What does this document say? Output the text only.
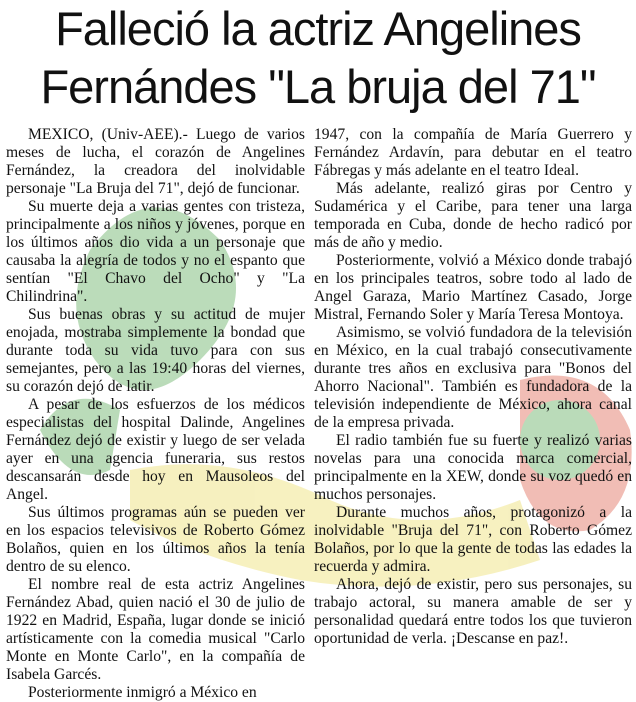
Falleció la actriz Angelines
Fernándes "La bruja del 71"

MEXICO, (Univ-AEE).- Luego de varios meses de lucha, el corazón de Angelines Fernández, la creadora del inolvidable personaje "La Bruja del 71", dejó de funcionar.

Su muerte deja a varias gentes con tristeza, principalmente a los niños y jóvenes, porque en los últimos años dio vida a un personaje que causaba la alegría de todos y no el espanto que sentían "El Chavo del Ocho" y "La Chilindrina".

Sus buenas obras y su actitud de mujer enojada, mostraba simplemente la bondad que durante toda su vida tuvo para con sus semejantes, pero a las 19:40 horas del viernes, su corazón dejó de latir.

A pesar de los esfuerzos de los médicos especialistas del hospital Dalinde, Angelines Fernández dejó de existir y luego de ser velada ayer en una agencia funeraria, sus restos descansarán desde hoy en Mausoleos del Angel.

Sus últimos programas aún se pueden ver en los espacios televisivos de Roberto Gómez Bolaños, quien en los últimos años la tenía dentro de su elenco.

El nombre real de esta actriz Angelines Fernández Abad, quien nació el 30 de julio de 1922 en Madrid, España, lugar donde se inició artísticamente con la comedia musical "Carlo Monte en Monte Carlo", en la compañía de Isabela Garcés.

Posteriormente inmigró a México en

1947, con la compañía de María Guerrero y Fernández Ardavín, para debutar en el teatro Fábregas y más adelante en el teatro Ideal.

Más adelante, realizó giras por Centro y Sudamérica y el Caribe, para tener una larga temporada en Cuba, donde de hecho radicó por más de año y medio.

Posteriormente, volvió a México donde trabajó en los principales teatros, sobre todo al lado de Angel Garaza, Mario Martínez Casado, Jorge Mistral, Fernando Soler y María Teresa Montoya.

Asimismo, se volvió fundadora de la televisión en México, en la cual trabajó consecutivamente durante tres años en exclusiva para "Bonos del Ahorro Nacional". También es fundadora de la televisión independiente de México, ahora canal de la empresa privada.

El radio también fue su fuerte y realizó varias novelas para una conocida marca comercial, principalmente en la XEW, donde su voz quedó en muchos personajes.

Durante muchos años, protagonizó a la inolvidable "Bruja del 71", con Roberto Gómez Bolaños, por lo que la gente de todas las edades la recuerda y admira.

Ahora, dejó de existir, pero sus personajes, su trabajo actoral, su manera amable de ser y personalidad quedará entre todos los que tuvieron oportunidad de verla. ¡Descanse en paz!.
